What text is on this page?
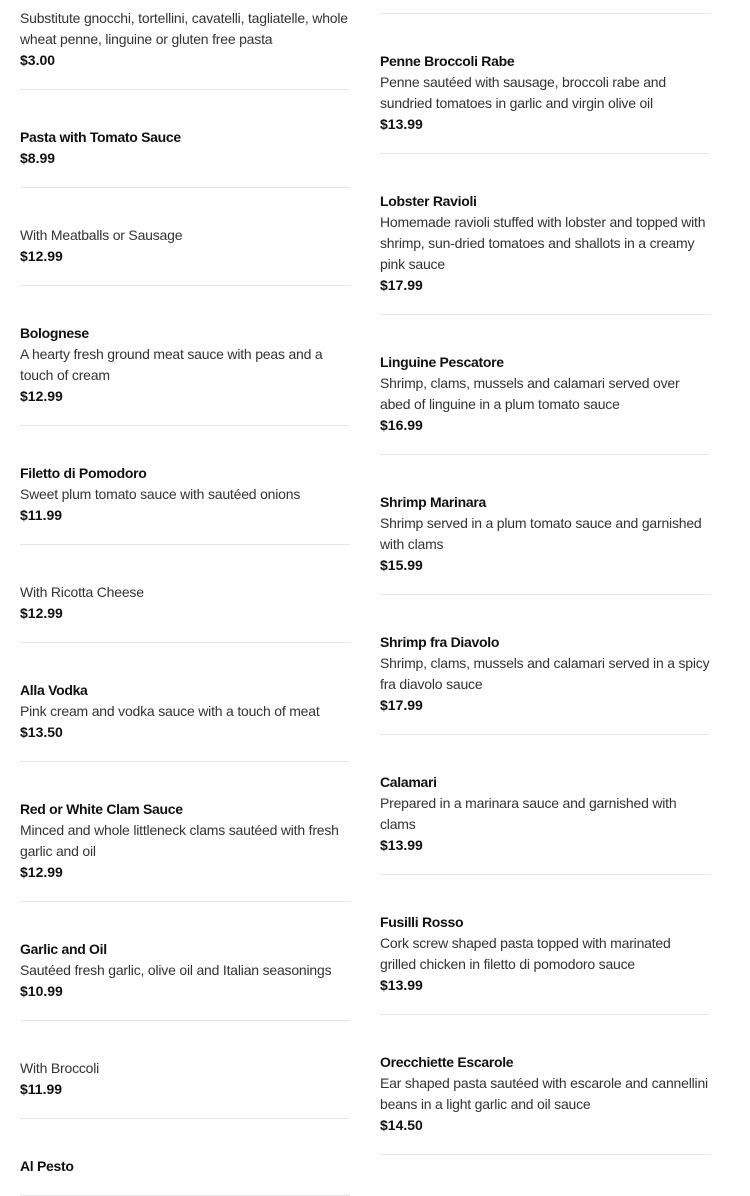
Substitute gnocchi, tortellini, cavatelli, tagliatelle, whole wheat penne, linguine or gluten free pasta
$3.00
Pasta with Tomato Sauce
$8.99
With Meatballs or Sausage
$12.99
Bolognese
A hearty fresh ground meat sauce with peas and a touch of cream
$12.99
Filetto di Pomodoro
Sweet plum tomato sauce with sautéed onions
$11.99
With Ricotta Cheese
$12.99
Alla Vodka
Pink cream and vodka sauce with a touch of meat
$13.50
Red or White Clam Sauce
Minced and whole littleneck clams sautéed with fresh garlic and oil
$12.99
Garlic and Oil
Sautéed fresh garlic, olive oil and Italian seasonings
$10.99
With Broccoli
$11.99
Al Pesto
Penne Broccoli Rabe
Penne sautéed with sausage, broccoli rabe and sundried tomatoes in garlic and virgin olive oil
$13.99
Lobster Ravioli
Homemade ravioli stuffed with lobster and topped with shrimp, sun-dried tomatoes and shallots in a creamy pink sauce
$17.99
Linguine Pescatore
Shrimp, clams, mussels and calamari served over abed of linguine in a plum tomato sauce
$16.99
Shrimp Marinara
Shrimp served in a plum tomato sauce and garnished with clams
$15.99
Shrimp fra Diavolo
Shrimp, clams, mussels and calamari served in a spicy fra diavolo sauce
$17.99
Calamari
Prepared in a marinara sauce and garnished with clams
$13.99
Fusilli Rosso
Cork screw shaped pasta topped with marinated grilled chicken in filetto di pomodoro sauce
$13.99
Orecchiette Escarole
Ear shaped pasta sautéed with escarole and cannellini beans in a light garlic and oil sauce
$14.50
